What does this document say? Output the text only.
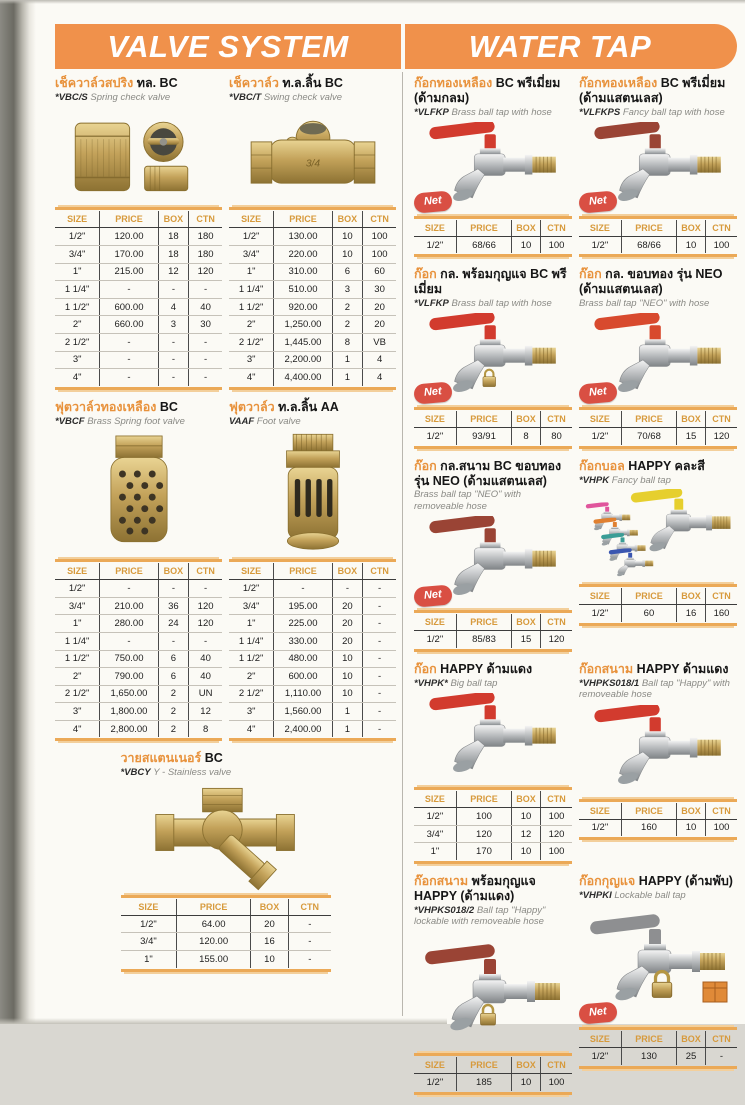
VALVE SYSTEM	WATER TAP
เช็ควาล์วสปริง ทล. BC
*VBC/S Spring check valve
SIZE	PRICE	BOX	CTN
1/2"	120.00	18	180
3/4"	170.00	18	180
1"	215.00	12	120
1 1/4"	-	-	-
1 1/2"	600.00	4	40
2"	660.00	3	30
2 1/2"	-	-	-
3"	-	-	-
4"	-	-	-
เช็ควาล์ว ท.ล.ลิ้น BC
*VBC/T Swing check valve
SIZE	PRICE	BOX	CTN
1/2"	130.00	10	100
3/4"	220.00	10	100
1"	310.00	6	60
1 1/4"	510.00	3	30
1 1/2"	920.00	2	20
2"	1,250.00	2	20
2 1/2"	1,445.00	8	VB
3"	2,200.00	1	4
4"	4,400.00	1	4
ฟุตวาล์วทองเหลือง BC
*VBCF Brass Spring foot valve
SIZE	PRICE	BOX	CTN
1/2"	-	-	-
3/4"	210.00	36	120
1"	280.00	24	120
1 1/4"	-	-	-
1 1/2"	750.00	6	40
2"	790.00	6	40
2 1/2"	1,650.00	2	UN
3"	1,800.00	2	12
4"	2,800.00	2	8
ฟุตวาล์ว ท.ล.ลิ้น AA
VAAF Foot valve
SIZE	PRICE	BOX	CTN
1/2"	-	-	-
3/4"	195.00	20	-
1"	225.00	20	-
1 1/4"	330.00	20	-
1 1/2"	480.00	10	-
2"	600.00	10	-
2 1/2"	1,110.00	10	-
3"	1,560.00	1	-
4"	2,400.00	1	-
วายสแตนเนอร์ BC
*VBCY Y - Stainless valve
SIZE	PRICE	BOX	CTN
1/2"	64.00	20	-
3/4"	120.00	16	-
1"	155.00	10	-
ก๊อกทองเหลือง BC พรีเมี่ยม (ด้ามกลม)
*VLFKP Brass ball tap with hose
Net
SIZE	PRICE	BOX	CTN
1/2"	68/66	10	100
ก๊อกทองเหลือง BC พรีเมี่ยม (ด้ามแสตนเลส)
*VLFKPS Fancy ball tap with hose
Net
SIZE	PRICE	BOX	CTN
1/2"	68/66	10	100
ก๊อก กล. พร้อมกุญแจ BC พรีเมี่ยม
*VLFKP Brass ball tap with hose
Net
SIZE	PRICE	BOX	CTN
1/2"	93/91	8	80
ก๊อก กล. ขอบทอง รุ่น NEO (ด้ามแสตนเลส)
Brass ball tap "NEO" with hose
Net
SIZE	PRICE	BOX	CTN
1/2"	70/68	15	120
ก๊อก กล.สนาม BC ขอบทอง รุ่น NEO (ด้ามแสตนเลส)
Brass ball tap "NEO" with removeable hose
Net
SIZE	PRICE	BOX	CTN
1/2"	85/83	15	120
ก๊อกบอล HAPPY คละสี
*VHPK Fancy ball tap
SIZE	PRICE	BOX	CTN
1/2"	60	16	160
ก๊อก HAPPY ด้ามแดง
*VHPK* Big ball tap
SIZE	PRICE	BOX	CTN
1/2"	100	10	100
3/4"	120	12	120
1"	170	10	100
ก๊อกสนาม HAPPY ด้ามแดง
*VHPKS018/1 Ball tap "Happy" with removeable hose
SIZE	PRICE	BOX	CTN
1/2"	160	10	100
ก๊อกสนาม พร้อมกุญแจ HAPPY (ด้ามแดง)
*VHPKS018/2 Ball tap "Happy" lockable with removeable hose
SIZE	PRICE	BOX	CTN
1/2"	185	10	100
ก๊อกกุญแจ HAPPY (ด้ามพับ)
*VHPKI Lockable ball tap
Net
SIZE	PRICE	BOX	CTN
1/2"	130	25	-
